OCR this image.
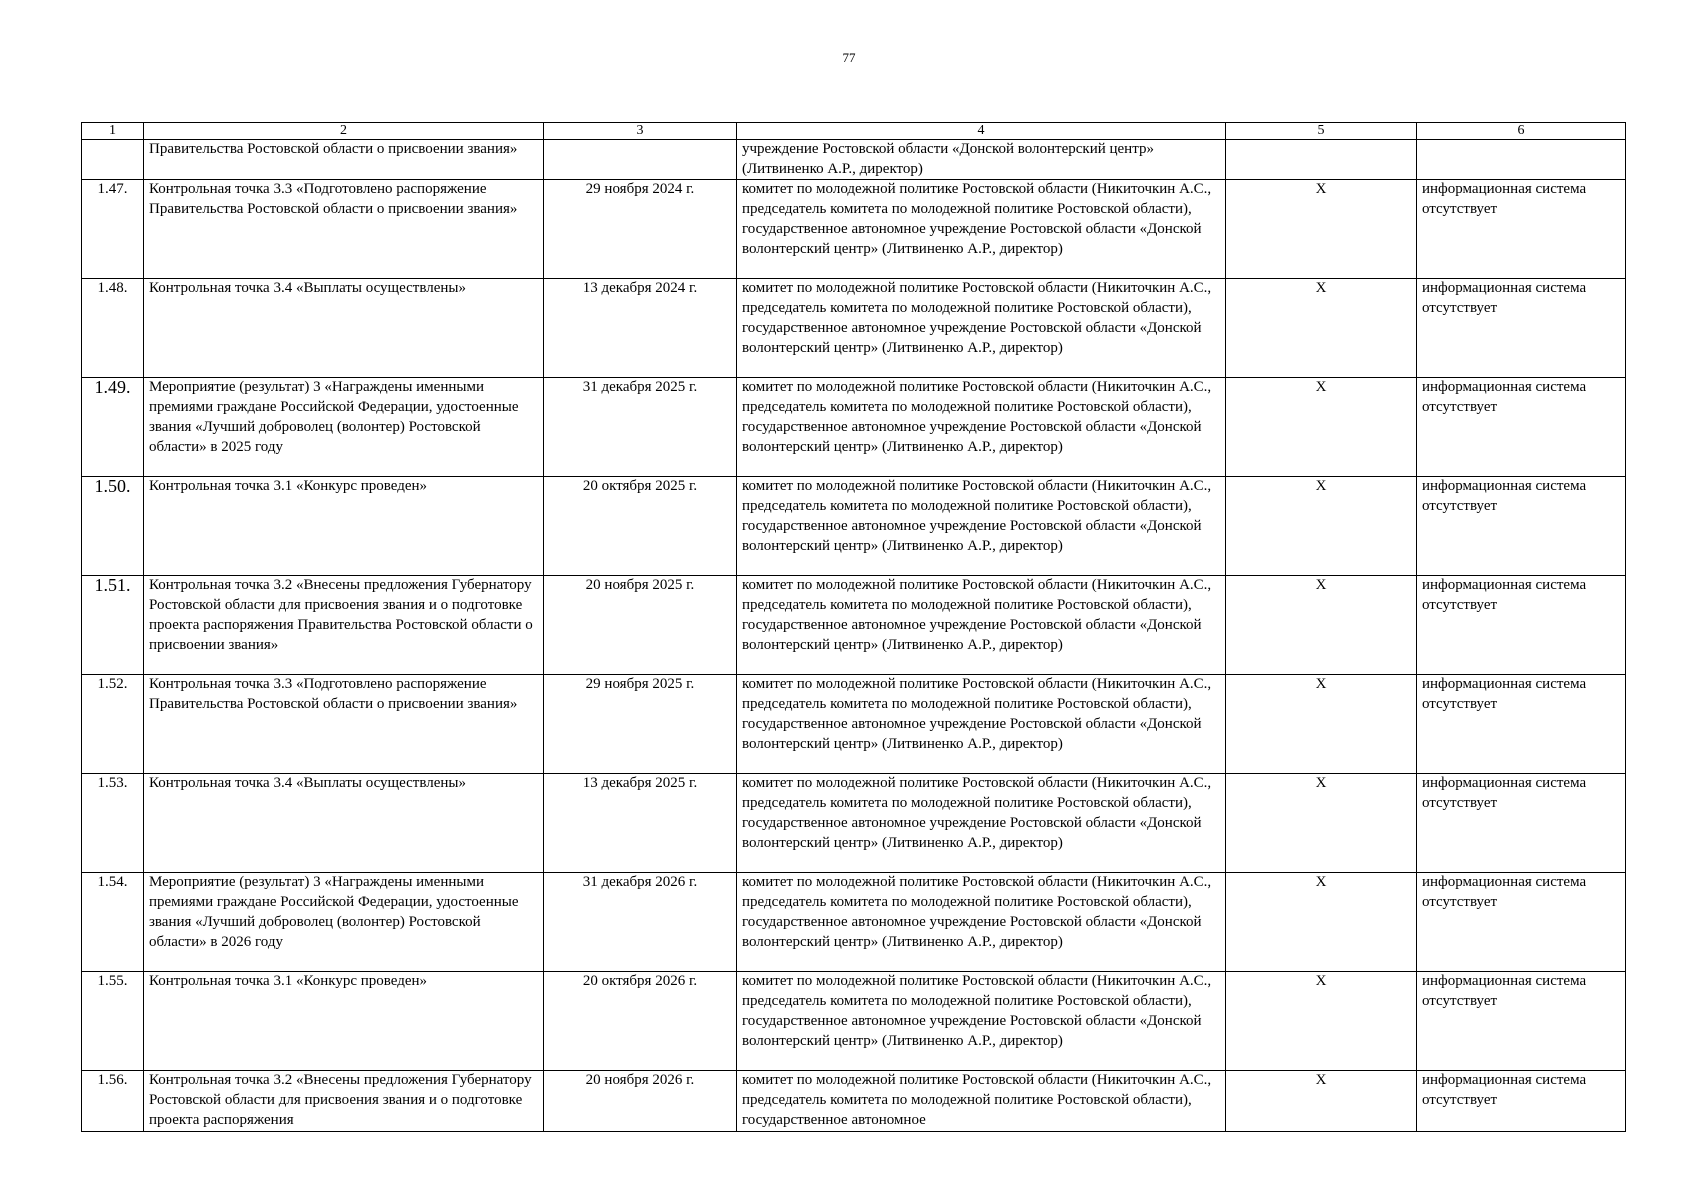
77
1	2	3	4	5	6
	Правительства Ростовской области о присвоении звания»		учреждение Ростовской области «Донской волонтерский центр» (Литвиненко А.Р., директор)		
1.47.	Контрольная точка 3.3 «Подготовлено распоряжение Правительства Ростовской области о присвоении звания»	29 ноября 2024 г.	комитет по молодежной политике Ростовской области (Никиточкин А.С., председатель комитета по молодежной политике Ростовской области), государственное автономное учреждение Ростовской области «Донской волонтерский центр» (Литвиненко А.Р., директор)	Х	информационная система отсутствует
1.48.	Контрольная точка 3.4 «Выплаты осуществлены»	13 декабря 2024 г.	комитет по молодежной политике Ростовской области (Никиточкин А.С., председатель комитета по молодежной политике Ростовской области), государственное автономное учреждение Ростовской области «Донской волонтерский центр» (Литвиненко А.Р., директор)	Х	информационная система отсутствует
1.49.	Мероприятие (результат) 3 «Награждены именными премиями граждане Российской Федерации, удостоенные звания «Лучший доброволец (волонтер) Ростовской области» в 2025 году	31 декабря 2025 г.	комитет по молодежной политике Ростовской области (Никиточкин А.С., председатель комитета по молодежной политике Ростовской области), государственное автономное учреждение Ростовской области «Донской волонтерский центр» (Литвиненко А.Р., директор)	Х	информационная система отсутствует
1.50.	Контрольная точка 3.1 «Конкурс проведен»	20 октября 2025 г.	комитет по молодежной политике Ростовской области (Никиточкин А.С., председатель комитета по молодежной политике Ростовской области), государственное автономное учреждение Ростовской области «Донской волонтерский центр» (Литвиненко А.Р., директор)	Х	информационная система отсутствует
1.51.	Контрольная точка 3.2 «Внесены предложения Губернатору Ростовской области для присвоения звания и о подготовке проекта распоряжения Правительства Ростовской области о присвоении звания»	20 ноября 2025 г.	комитет по молодежной политике Ростовской области (Никиточкин А.С., председатель комитета по молодежной политике Ростовской области), государственное автономное учреждение Ростовской области «Донской волонтерский центр» (Литвиненко А.Р., директор)	Х	информационная система отсутствует
1.52.	Контрольная точка 3.3 «Подготовлено распоряжение Правительства Ростовской области о присвоении звания»	29 ноября 2025 г.	комитет по молодежной политике Ростовской области (Никиточкин А.С., председатель комитета по молодежной политике Ростовской области), государственное автономное учреждение Ростовской области «Донской волонтерский центр» (Литвиненко А.Р., директор)	Х	информационная система отсутствует
1.53.	Контрольная точка 3.4 «Выплаты осуществлены»	13 декабря 2025 г.	комитет по молодежной политике Ростовской области (Никиточкин А.С., председатель комитета по молодежной политике Ростовской области), государственное автономное учреждение Ростовской области «Донской волонтерский центр» (Литвиненко А.Р., директор)	Х	информационная система отсутствует
1.54.	Мероприятие (результат) 3 «Награждены именными премиями граждане Российской Федерации, удостоенные звания «Лучший доброволец (волонтер) Ростовской области» в 2026 году	31 декабря 2026 г.	комитет по молодежной политике Ростовской области (Никиточкин А.С., председатель комитета по молодежной политике Ростовской области), государственное автономное учреждение Ростовской области «Донской волонтерский центр» (Литвиненко А.Р., директор)	Х	информационная система отсутствует
1.55.	Контрольная точка 3.1 «Конкурс проведен»	20 октября 2026 г.	комитет по молодежной политике Ростовской области (Никиточкин А.С., председатель комитета по молодежной политике Ростовской области), государственное автономное учреждение Ростовской области «Донской волонтерский центр» (Литвиненко А.Р., директор)	Х	информационная система отсутствует
1.56.	Контрольная точка 3.2 «Внесены предложения Губернатору Ростовской области для присвоения звания и о подготовке проекта распоряжения	20 ноября 2026 г.	комитет по молодежной политике Ростовской области (Никиточкин А.С., председатель комитета по молодежной политике Ростовской области), государственное автономное	Х	информационная система отсутствует
